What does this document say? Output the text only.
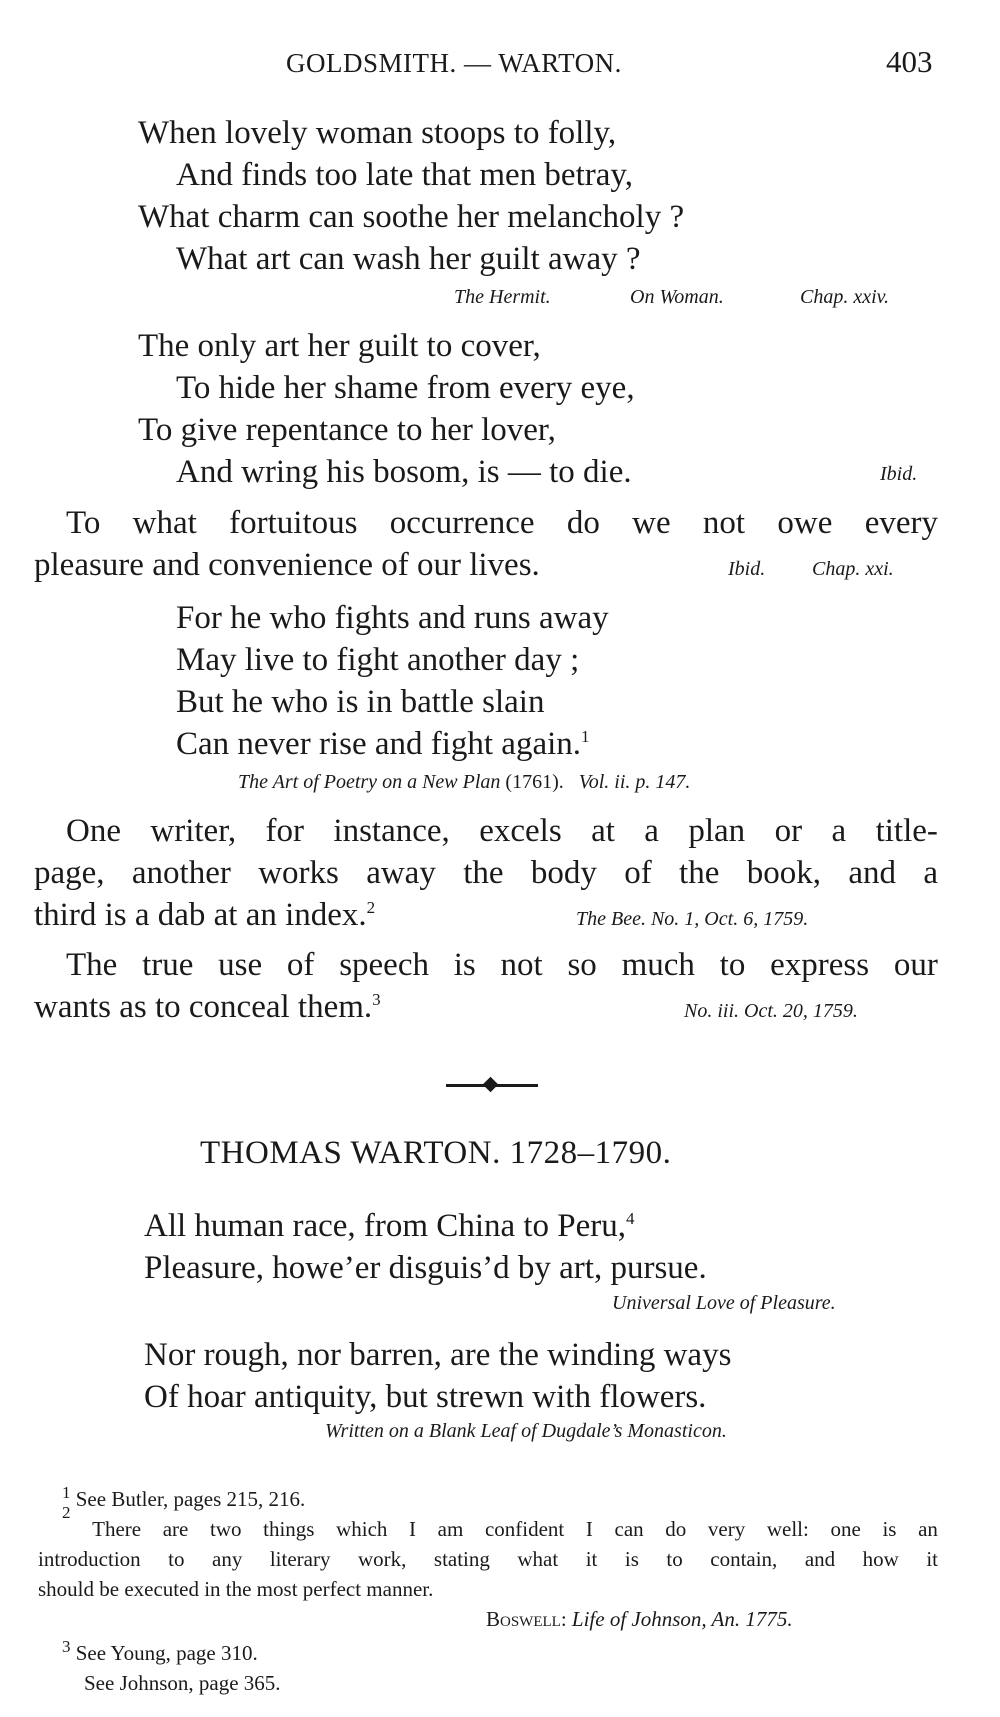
GOLDSMITH. — WARTON.	403
When lovely woman stoops to folly,
And finds too late that men betray,
What charm can soothe her melancholy ?
What art can wash her guilt away ?
The Hermit.	On Woman.	Chap. xxiv.
The only art her guilt to cover,
To hide her shame from every eye,
To give repentance to her lover,
And wring his bosom, is — to die.	Ibid.
To what fortuitous occurrence do we not owe every
pleasure and convenience of our lives.	Ibid. Chap. xxi.
For he who fights and runs away
May live to fight another day ;
But he who is in battle slain
Can never rise and fight again.$^1$
The Art of Poetry on a New Plan (1761). Vol. ii. p. 147.
One writer, for instance, excels at a plan or a title-
page, another works away the body of the book, and a
third is a dab at an index.$^2$
The Bee. No. 1, Oct. 6, 1759.
The true use of speech is not so much to express our
wants as to conceal them.$^3$
No. iii. Oct. 20, 1759.
THOMAS WARTON. 1728–1790.
All human race, from China to Peru,$^4$
Pleasure, howe’er disguis’d by art, pursue.
Universal Love of Pleasure.
Nor rough, nor barren, are the winding ways
Of hoar antiquity, but strewn with flowers.
Written on a Blank Leaf of Dugdale’s Monasticon.
$^1$ See Butler, pages 215, 216.
2
There are two things which I am confident I can do very well: one is an
introduction to any literary work, stating what it is to contain, and how it
should be executed in the most perfect manner.
Boswell: Life of Johnson, An. 1775.
$^3$ See Young, page 310.
See Johnson, page 365.
